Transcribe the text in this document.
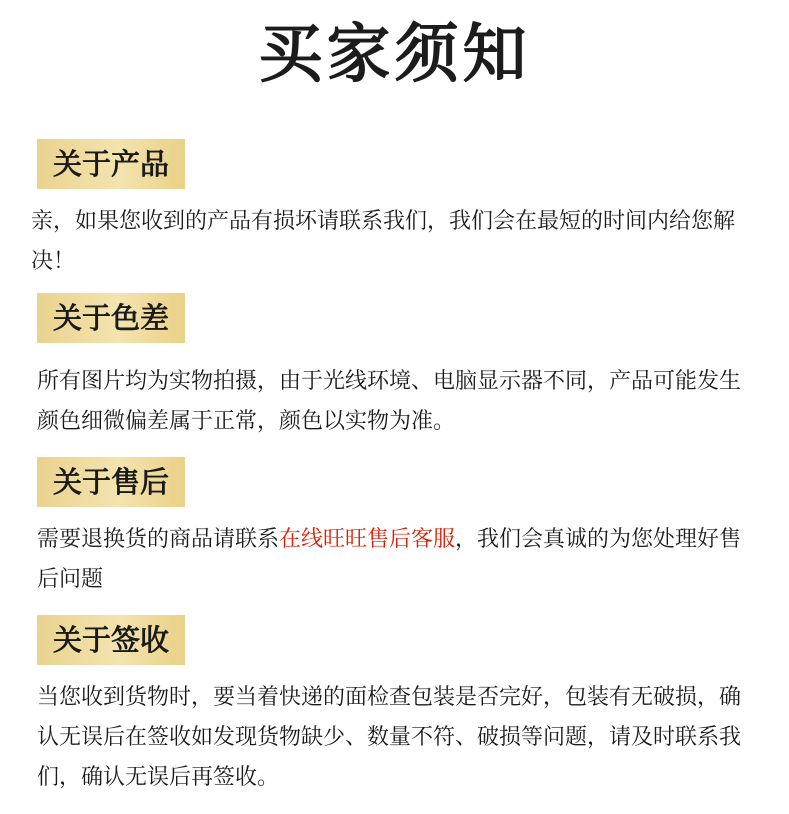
买家须知
关于产品

亲，如果您收到的产品有损坏请联系我们，我们会在最短的时间内给您解决！

关于色差

所有图片均为实物拍摄，由于光线环境、电脑显示器不同，产品可能发生颜色细微偏差属于正常，颜色以实物为准。

关于售后

需要退换货的商品请联系在线旺旺售后客服，我们会真诚的为您处理好售后问题

关于签收

当您收到货物时，要当着快递的面检查包装是否完好，包装有无破损，确认无误后在签收如发现货物缺少、数量不符、破损等问题，请及时联系我们，确认无误后再签收。
